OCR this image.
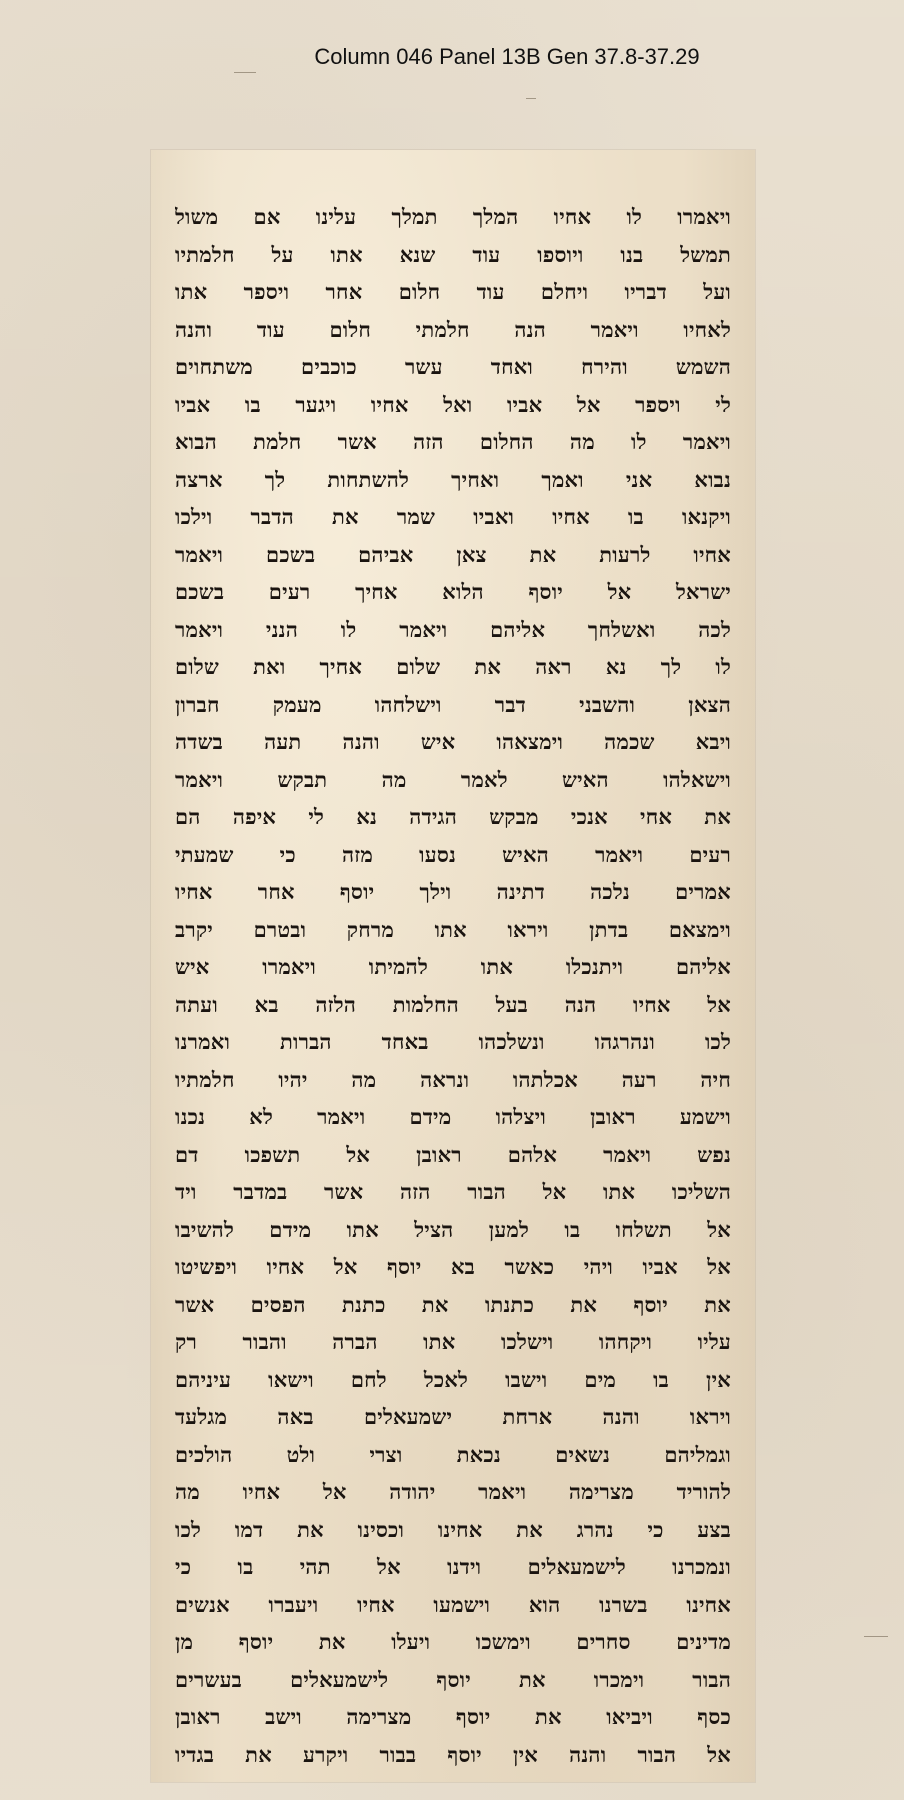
Column 046 Panel 13B Gen 37.8-37.29
ויאמרו לו אחיו המלך תמלך עלינו אם משול
תמשל בנו ויוספו עוד שנא אתו על חלמתיו
ועל דבריו ויחלם עוד חלום אחר ויספר אתו
לאחיו ויאמר הנה חלמתי חלום עוד והנה
השמש והירח ואחד עשר כוכבים משתחוים
לי ויספר אל אביו ואל אחיו ויגער בו אביו
ויאמר לו מה החלום הזה אשר חלמת הבוא
נבוא אני ואמך ואחיך להשתחות לך ארצה
ויקנאו בו אחיו ואביו שמר את הדבר וילכו
אחיו לרעות את צאן אביהם בשכם ויאמר
ישראל אל יוסף הלוא אחיך רעים בשכם
לכה ואשלחך אליהם ויאמר לו הנני ויאמר
לו לך נא ראה את שלום אחיך ואת שלום
הצאן והשבני דבר וישלחהו מעמק חברון
ויבא שכמה וימצאהו איש והנה תעה בשדה
וישאלהו האיש לאמר מה תבקש ויאמר
את אחי אנכי מבקש הגידה נא לי איפה הם
רעים ויאמר האיש נסעו מזה כי שמעתי
אמרים נלכה דתינה וילך יוסף אחר אחיו
וימצאם בדתן ויראו אתו מרחק ובטרם יקרב
אליהם ויתנכלו אתו להמיתו ויאמרו איש
אל אחיו הנה בעל החלמות הלזה בא ועתה
לכו ונהרגהו ונשלכהו באחד הברות ואמרנו
חיה רעה אכלתהו ונראה מה יהיו חלמתיו
וישמע ראובן ויצלהו מידם ויאמר לא נכנו
נפש ויאמר אלהם ראובן אל תשפכו דם
השליכו אתו אל הבור הזה אשר במדבר ויד
אל תשלחו בו למען הציל אתו מידם להשיבו
אל אביו ויהי כאשר בא יוסף אל אחיו ויפשיטו
את יוסף את כתנתו את כתנת הפסים אשר
עליו ויקחהו וישלכו אתו הברה והבור רק
אין בו מים וישבו לאכל לחם וישאו עיניהם
ויראו והנה ארחת ישמעאלים באה מגלעד
וגמליהם נשאים נכאת וצרי ולט הולכים
להוריד מצרימה ויאמר יהודה אל אחיו מה
בצע כי נהרג את אחינו וכסינו את דמו לכו
ונמכרנו לישמעאלים וידנו אל תהי בו כי
אחינו בשרנו הוא וישמעו אחיו ויעברו אנשים
מדינים סחרים וימשכו ויעלו את יוסף מן
הבור וימכרו את יוסף לישמעאלים בעשרים
כסף ויביאו את יוסף מצרימה וישב ראובן
אל הבור והנה אין יוסף בבור ויקרע את בגדיו
